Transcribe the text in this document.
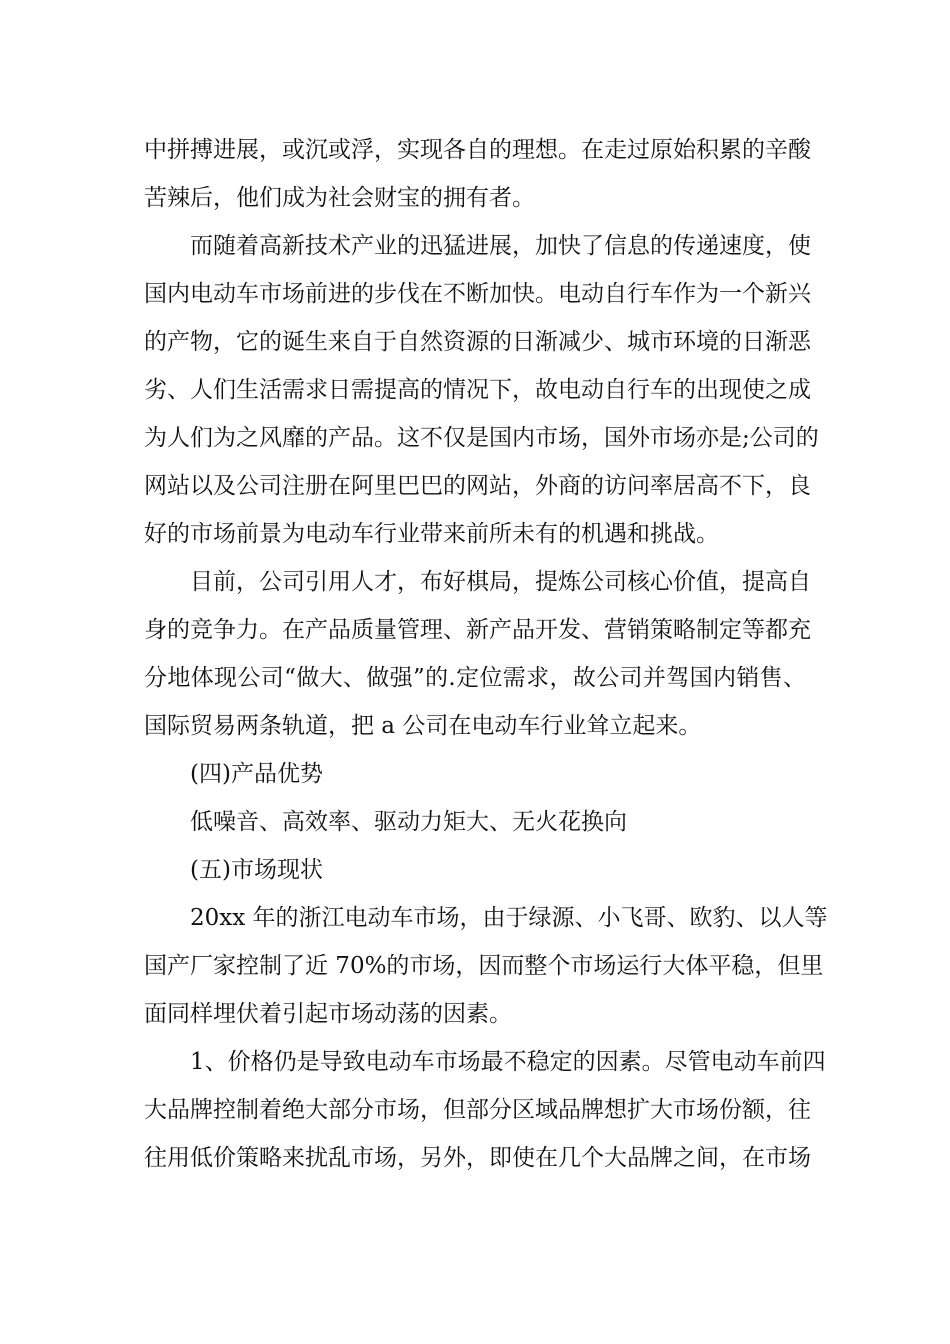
中拼搏进展，或沉或浮，实现各自的理想。在走过原始积累的辛酸
苦辣后，他们成为社会财宝的拥有者。
而随着高新技术产业的迅猛进展，加快了信息的传递速度，使
国内电动车市场前进的步伐在不断加快。电动自行车作为一个新兴
的产物，它的诞生来自于自然资源的日渐减少、城市环境的日渐恶
劣、人们生活需求日需提高的情况下，故电动自行车的出现使之成
为人们为之风靡的产品。这不仅是国内市场，国外市场亦是;公司的
网站以及公司注册在阿里巴巴的网站，外商的访问率居高不下，良
好的市场前景为电动车行业带来前所未有的机遇和挑战。
目前，公司引用人才，布好棋局，提炼公司核心价值，提高自
身的竞争力。在产品质量管理、新产品开发、营销策略制定等都充
分地体现公司“做大、做强”的.定位需求，故公司并驾国内销售、
国际贸易两条轨道，把 a 公司在电动车行业耸立起来。
(四)产品优势
低噪音、高效率、驱动力矩大、无火花换向
(五)市场现状
20xx 年的浙江电动车市场，由于绿源、小飞哥、欧豹、以人等
国产厂家控制了近 70%的市场，因而整个市场运行大体平稳，但里
面同样埋伏着引起市场动荡的因素。
1、价格仍是导致电动车市场最不稳定的因素。尽管电动车前四
大品牌控制着绝大部分市场，但部分区域品牌想扩大市场份额，往
往用低价策略来扰乱市场，另外，即使在几个大品牌之间，在市场
